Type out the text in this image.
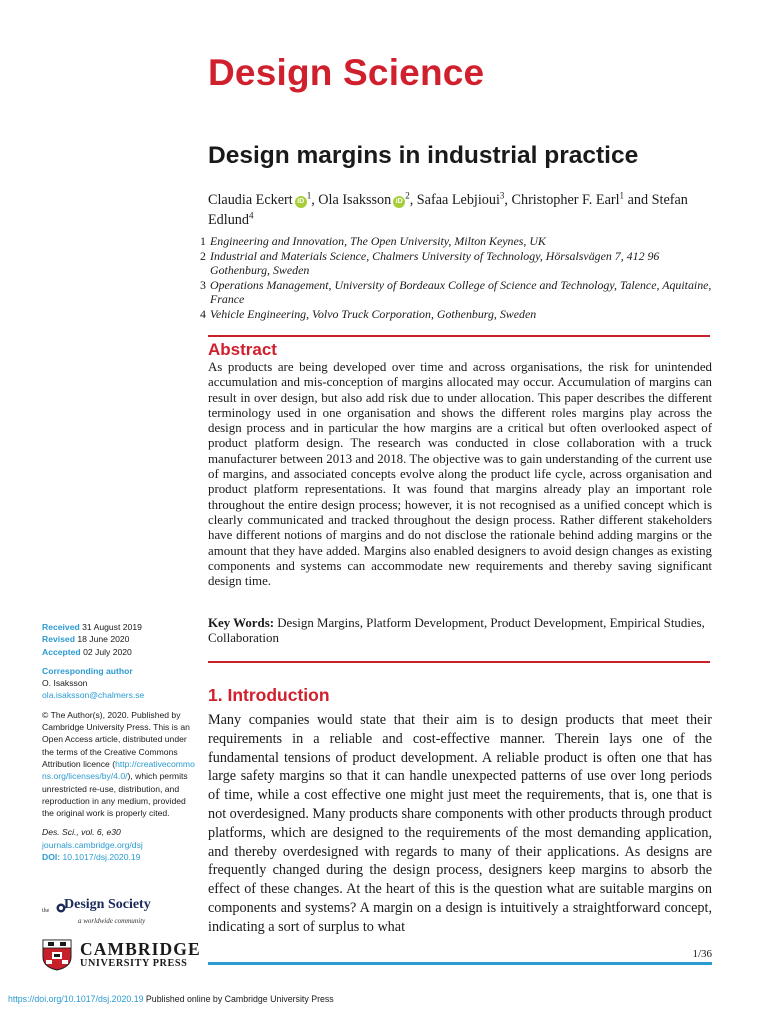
Design Science
Design margins in industrial practice
Claudia Eckert $iD^1$, Ola Isaksson $iD^2$, Safaa Lebjioui$^3$, Christopher F. Earl$^1$ and Stefan Edlund$^4$
1 Engineering and Innovation, The Open University, Milton Keynes, UK
2 Industrial and Materials Science, Chalmers University of Technology, Hörsalsvägen 7, 412 96 Gothenburg, Sweden
3 Operations Management, University of Bordeaux College of Science and Technology, Talence, Aquitaine, France
4 Vehicle Engineering, Volvo Truck Corporation, Gothenburg, Sweden
Abstract
As products are being developed over time and across organisations, the risk for unintended accumulation and mis-conception of margins allocated may occur. Accumulation of margins can result in over design, but also add risk due to under allocation. This paper describes the different terminology used in one organisation and shows the different roles margins play across the design process and in particular the how margins are a critical but often overlooked aspect of product platform design. The research was conducted in close collaboration with a truck manufacturer between 2013 and 2018. The objective was to gain understanding of the current use of margins, and associated concepts evolve along the product life cycle, across organisation and product platform representations. It was found that margins already play an important role throughout the entire design process; however, it is not recognised as a unified concept which is clearly communicated and tracked throughout the design process. Rather different stakeholders have different notions of margins and do not disclose the rationale behind adding margins or the amount that they have added. Margins also enabled designers to avoid design changes as existing components and systems can accommodate new requirements and thereby saving significant design time.
Key Words: Design Margins, Platform Development, Product Development, Empirical Studies, Collaboration
1. Introduction
Many companies would state that their aim is to design products that meet their requirements in a reliable and cost-effective manner. Therein lays one of the fundamental tensions of product development. A reliable product is often one that has large safety margins so that it can handle unexpected patterns of use over long periods of time, while a cost effective one might just meet the requirements, that is, one that is not overdesigned. Many products share components with other products through product platforms, which are designed to the requirements of the most demanding application, and thereby overdesigned with regards to many of their applications. As designs are frequently changed during the design process, designers keep margins to absorb the effect of these changes. At the heart of this is the question what are suitable margins on components and systems? A margin on a design is intuitively a straightforward concept, indicating a sort of surplus to what
Received 31 August 2019
Revised 18 June 2020
Accepted 02 July 2020
Corresponding author
O. Isaksson
ola.isaksson@chalmers.se
© The Author(s), 2020. Published by Cambridge University Press. This is an Open Access article, distributed under the terms of the Creative Commons Attribution licence (http://creativecommons.org/licenses/by/4.0/), which permits unrestricted re-use, distribution, and reproduction in any medium, provided the original work is properly cited.
Des. Sci., vol. 6, e30
journals.cambridge.org/dsj
DOI: 10.1017/dsj.2020.19
the Design Society
a worldwide community
CAMBRIDGE
UNIVERSITY PRESS
1/36
https://doi.org/10.1017/dsj.2020.19 Published online by Cambridge University Press
